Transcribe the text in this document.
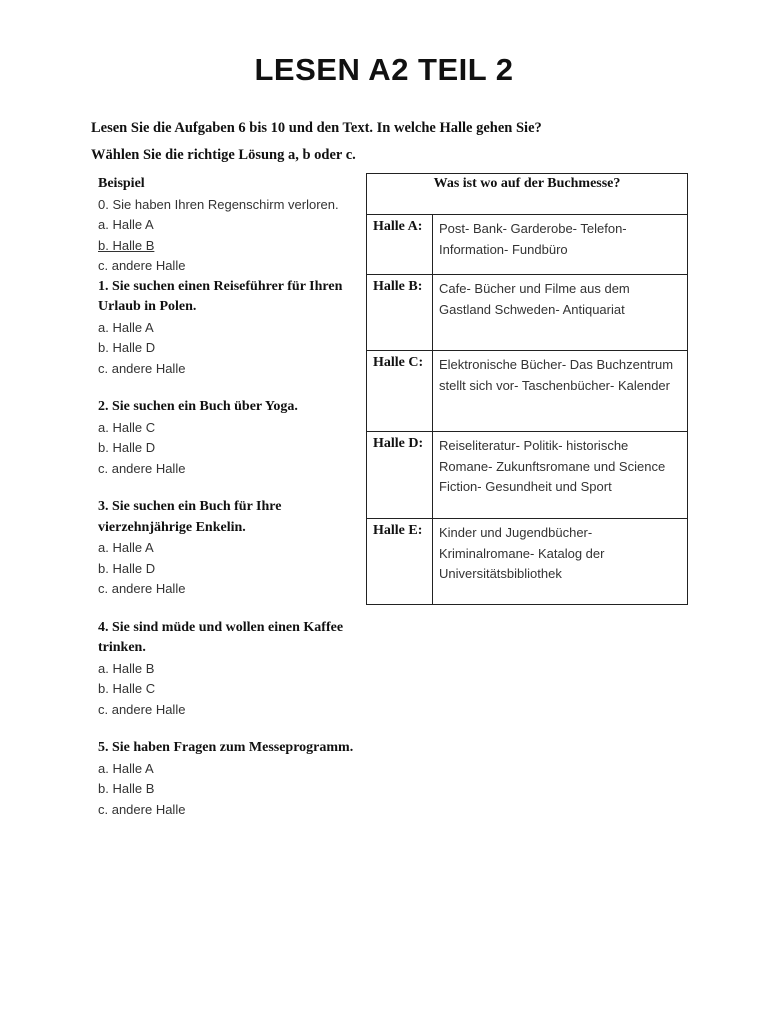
LESEN A2 TEIL 2
Lesen Sie die Aufgaben 6 bis 10 und den Text. In welche Halle gehen Sie?
Wählen Sie die richtige Lösung a, b oder c.
Beispiel
0. Sie haben Ihren Regenschirm verloren.
a. Halle A
b. Halle B
c. andere Halle
1. Sie suchen einen Reiseführer für Ihren Urlaub in Polen.
a. Halle A
b. Halle D
c. andere Halle
2. Sie suchen ein Buch über Yoga.
a. Halle C
b. Halle D
c. andere Halle
3. Sie suchen ein Buch für Ihre vierzehnjährige Enkelin.
a. Halle A
b. Halle D
c. andere Halle
4. Sie sind müde und wollen einen Kaffee trinken.
a. Halle B
b. Halle C
c. andere Halle
5. Sie haben Fragen zum Messeprogramm.
a. Halle A
b. Halle B
c. andere Halle
Was ist wo auf der Buchmesse?	
Halle A:	Post- Bank- Garderobe- Telefon- Information- Fundbüro
Halle B:	Cafe- Bücher und Filme aus dem Gastland Schweden- Antiquariat
Halle C:	Elektronische Bücher- Das Buchzentrum stellt sich vor- Taschenbücher- Kalender
Halle D:	Reiseliteratur- Politik- historische Romane- Zukunftsromane und Science Fiction- Gesundheit und Sport
Halle E:	Kinder und Jugendbücher- Kriminalromane- Katalog der Universitätsbibliothek
